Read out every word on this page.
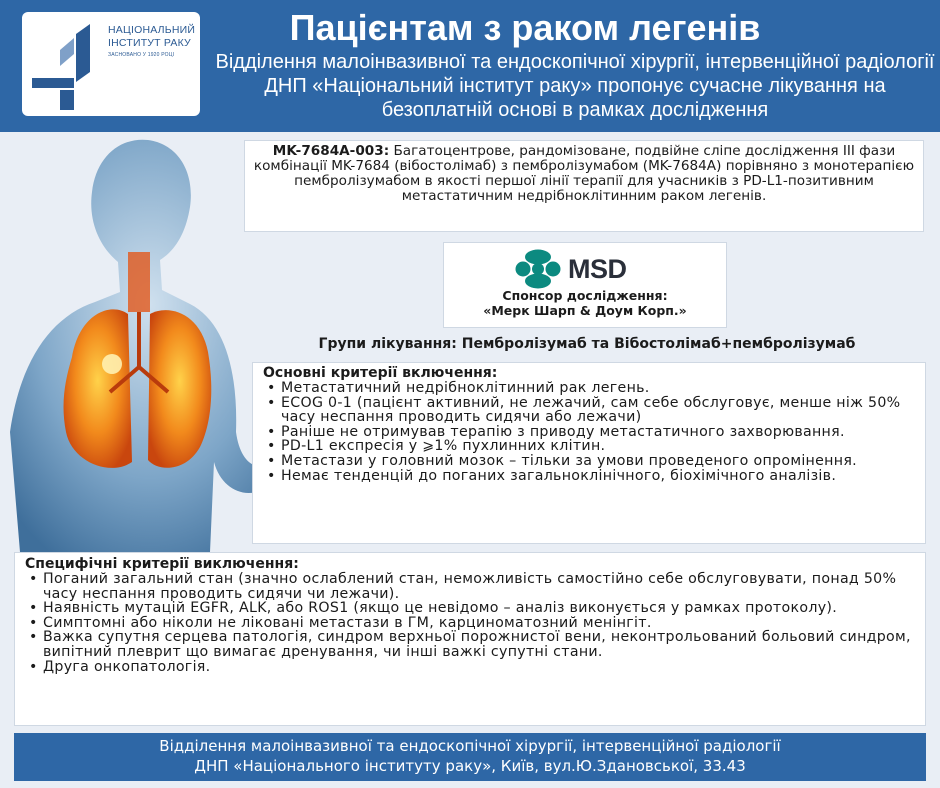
НАЦІОНАЛЬНИЙ
ІНСТИТУТ РАКУ
ЗАСНОВАНО У 1920 РОЦІ
Пацієнтам з раком легенів
Відділення малоінвазивної та ендоскопічної хірургії, інтервенційної радіології ДНП «Національний інститут раку» пропонує сучасне лікування на безоплатній основі в рамках дослідження
MK-7684A-003: Багатоцентрове, рандомізоване, подвійне сліпе дослідження III фази комбінації MK-7684 (вібостолімаб) з пембролізумабом (MK-7684A) порівняно з монотерапією пембролізумабом в якості першої лінії терапії для учасників з PD-L1-позитивним метастатичним недрібноклітинним раком легенів.
MSD
Спонсор дослідження:
«Мерк Шарп & Доум Корп.»
Групи лікування: Пембролізумаб та Вібостолімаб+пембролізумаб
Основні критерії включення:
• Метастатичний недрібноклітинний рак легень.
• ECOG 0-1 (пацієнт активний, не лежачий, сам себе обслуговує, менше ніж 50% часу неспання проводить сидячи або лежачи)
• Раніше не отримував терапію з приводу метастатичного захворювання.
• PD-L1 експресія у ⩾1% пухлинних клітин.
• Метастази у головний мозок – тільки за умови проведеного опромінення.
• Немає тенденцій до поганих загальноклінічного, біохімічного аналізів.
Специфічні критерії виключення:
• Поганий загальний стан (значно ослаблений стан, неможливість самостійно себе обслуговувати, понад 50% часу неспання проводить сидячи чи лежачи).
• Наявність мутацій EGFR, ALK, або ROS1 (якщо це невідомо – аналіз виконується у рамках протоколу).
• Симптомні або ніколи не ліковані метастази в ГМ, карциноматозний менінгіт.
• Важка супутня серцева патологія, синдром верхньої порожнистої вени, неконтрольований больовий синдром, випітний плеврит що вимагає дренування, чи інші важкі супутні стани.
• Друга онкопатологія.
Відділення малоінвазивної та ендоскопічної хірургії, інтервенційної радіології
ДНП «Національного інституту раку», Київ, вул.Ю.Здановської, 33.43
